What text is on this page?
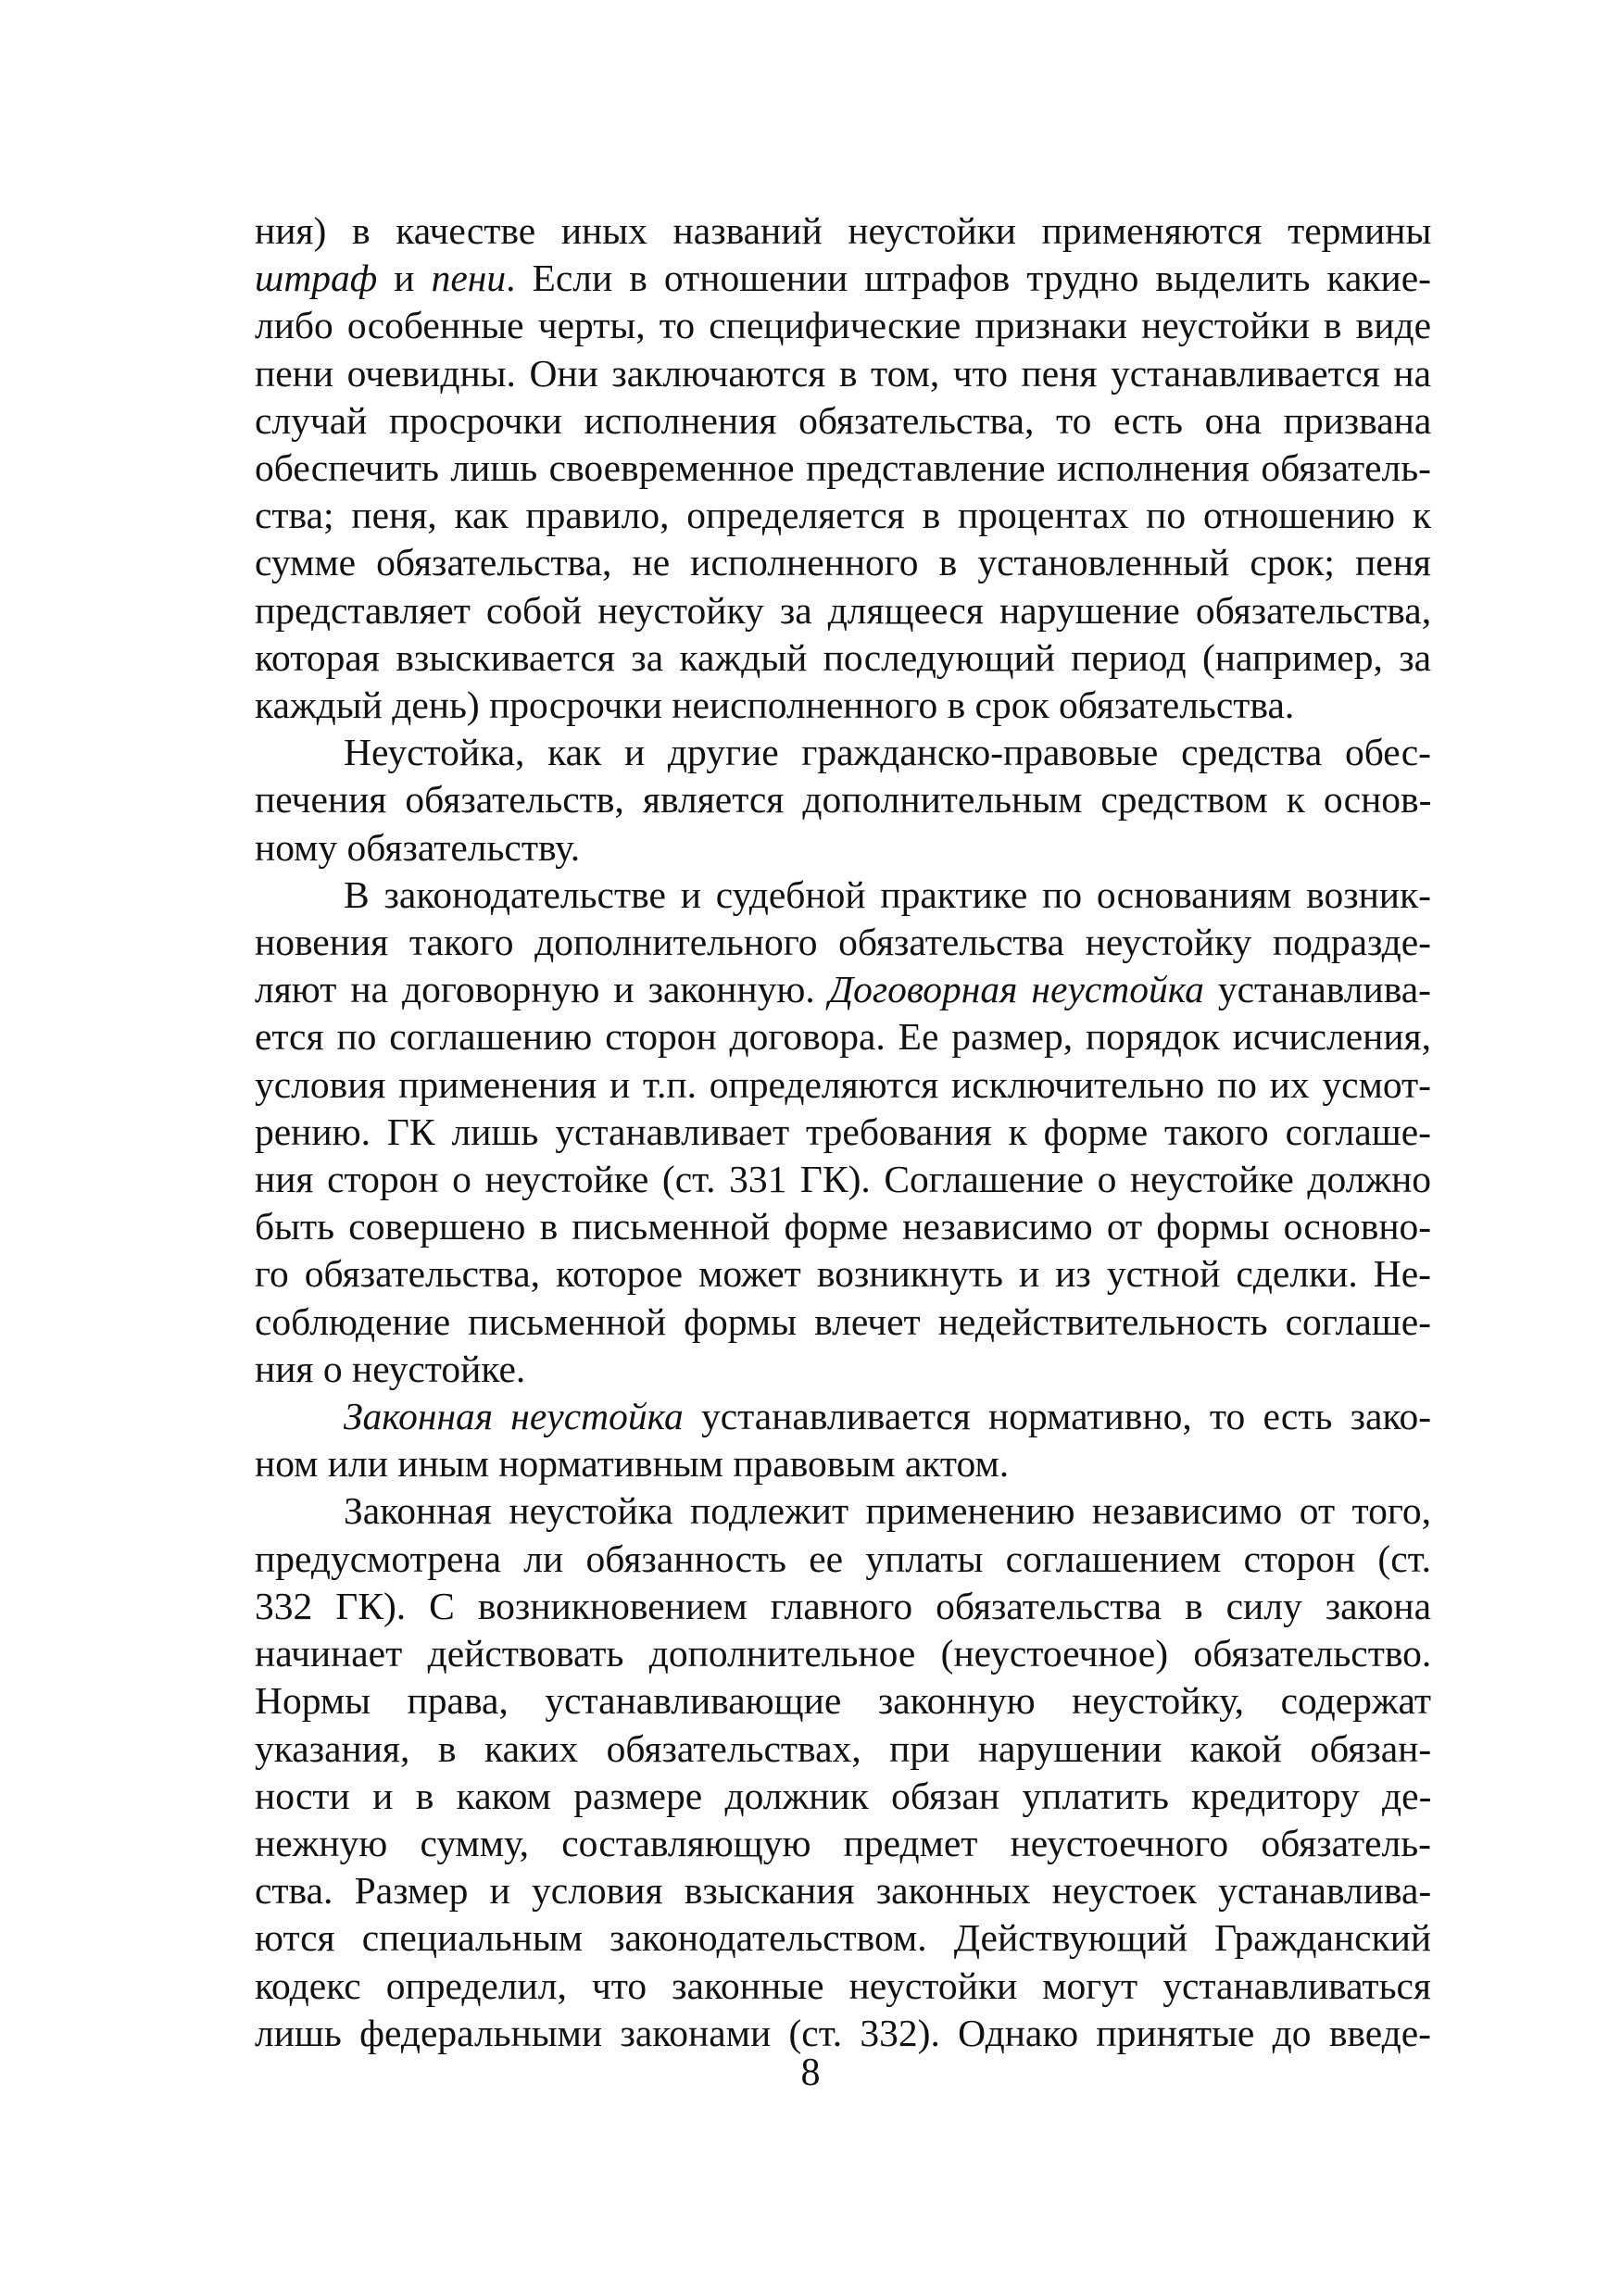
ния) в качестве иных названий неустойки применяются термины
штраф и пени. Если в отношении штрафов трудно выделить какие-
либо особенные черты, то специфические признаки неустойки в виде
пени очевидны. Они заключаются в том, что пеня устанавливается на
случай просрочки исполнения обязательства, то есть она призвана
обеспечить лишь своевременное представление исполнения обязатель-
ства; пеня, как правило, определяется в процентах по отношению к
сумме обязательства, не исполненного в установленный срок; пеня
представляет собой неустойку за длящееся нарушение обязательства,
которая взыскивается за каждый последующий период (например, за
каждый день) просрочки неисполненного в срок обязательства.
Неустойка, как и другие гражданско-правовые средства обес-
печения обязательств, является дополнительным средством к основ-
ному обязательству.
В законодательстве и судебной практике по основаниям возник-
новения такого дополнительного обязательства неустойку подразде-
ляют на договорную и законную. Договорная неустойка устанавлива-
ется по соглашению сторон договора. Ее размер, порядок исчисления,
условия применения и т.п. определяются исключительно по их усмот-
рению. ГК лишь устанавливает требования к форме такого соглаше-
ния сторон о неустойке (ст. 331 ГК). Соглашение о неустойке должно
быть совершено в письменной форме независимо от формы основно-
го обязательства, которое может возникнуть и из устной сделки. Не-
соблюдение письменной формы влечет недействительность соглаше-
ния о неустойке.
Законная неустойка устанавливается нормативно, то есть зако-
ном или иным нормативным правовым актом.
Законная неустойка подлежит применению независимо от того,
предусмотрена ли обязанность ее уплаты соглашением сторон (ст.
332 ГК). С возникновением главного обязательства в силу закона
начинает действовать дополнительное (неустоечное) обязательство.
Нормы права, устанавливающие законную неустойку, содержат
указания, в каких обязательствах, при нарушении какой обязан-
ности и в каком размере должник обязан уплатить кредитору де-
нежную сумму, составляющую предмет неустоечного обязатель-
ства. Размер и условия взыскания законных неустоек устанавлива-
ются специальным законодательством. Действующий Гражданский
кодекс определил, что законные неустойки могут устанавливаться
лишь федеральными законами (ст. 332). Однако принятые до введе-
8
